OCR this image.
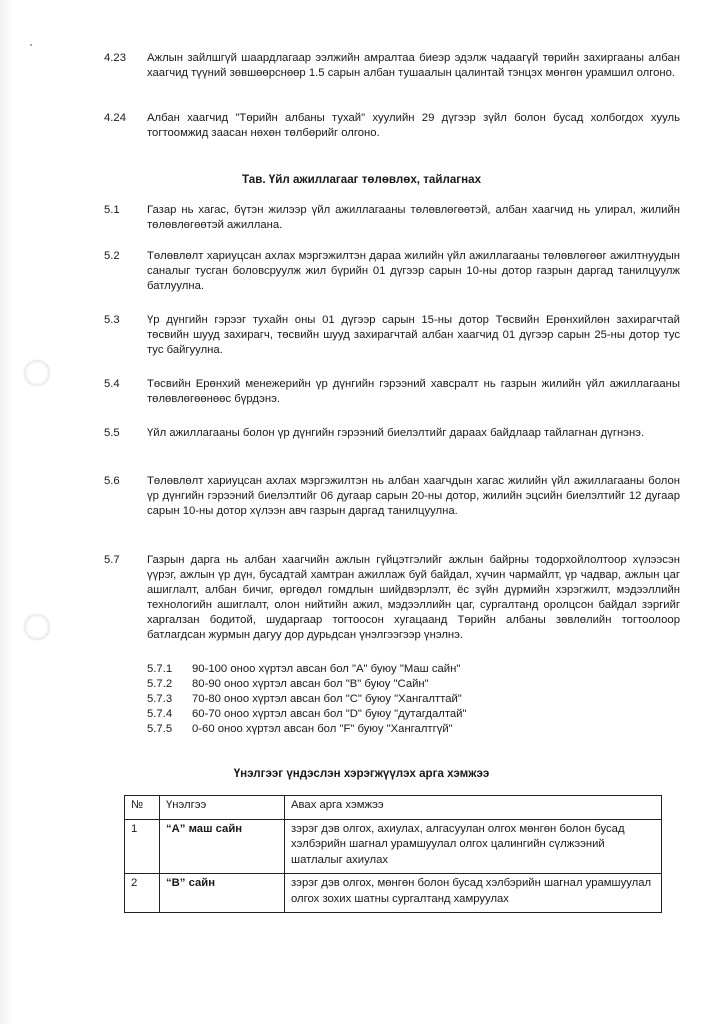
4.23	Ажлын зайлшгүй шаардлагаар ээлжийн амралтаа биеэр эдэлж чадаагүй төрийн захиргааны албан хаагчид түүний зөвшөөрснөөр 1.5 сарын албан тушаалын цалинтай тэнцэх мөнгөн урамшил олгоно.
4.24	Албан хаагчид "Төрийн албаны тухай" хуулийн 29 дүгээр зүйл болон бусад холбогдох хууль тогтоомжид заасан нөхөн төлбөрийг олгоно.
Тав. Үйл ажиллагааг төлөвлөх, тайлагнах
5.1	Газар нь хагас, бүтэн жилээр үйл ажиллагааны төлөвлөгөөтэй, албан хаагчид нь улирал, жилийн төлөвлөгөөтэй ажиллана.
5.2	Төлөвлөлт хариуцсан ахлах мэргэжилтэн дараа жилийн үйл ажиллагааны төлөвлөгөөг ажилтнуудын саналыг тусган боловсруулж жил бүрийн 01 дүгээр сарын 10-ны дотор газрын даргад танилцуулж батлуулна.
5.3	Үр дүнгийн гэрээг тухайн оны 01 дүгээр сарын 15-ны дотор Төсвийн Ерөнхийлөн захирагчтай төсвийн шууд захирагч, төсвийн шууд захирагчтай албан хаагчид 01 дүгээр сарын 25-ны дотор тус тус байгуулна.
5.4	Төсвийн Ерөнхий менежерийн үр дүнгийн гэрээний хавсралт нь газрын жилийн үйл ажиллагааны төлөвлөгөөнөөс бүрдэнэ.
5.5	Үйл ажиллагааны болон үр дүнгийн гэрээний биелэлтийг дараах байдлаар тайлагнан дүгнэнэ.
5.6	Төлөвлөлт хариуцсан ахлах мэргэжилтэн нь албан хаагчдын хагас жилийн үйл ажиллагааны болон үр дүнгийн гэрээний биелэлтийг 06 дугаар сарын 20-ны дотор, жилийн эцсийн биелэлтийг 12 дугаар сарын 10-ны дотор хүлээн авч газрын даргад танилцуулна.
5.7	Газрын дарга нь албан хаагчийн ажлын гүйцэтгэлийг ажлын байрны тодорхойлолтоор хүлээсэн үүрэг, ажлын үр дүн, бусадтай хамтран ажиллаж буй байдал, хүчин чармайлт, үр чадвар, ажлын цаг ашиглалт, албан бичиг, өргөдөл гомдлын шийдвэрлэлт, ёс зүйн дүрмийн хэрэгжилт, мэдээллийн технологийн ашиглалт, олон нийтийн ажил, мэдээллийн цаг, сургалтанд оролцсон байдал зэргийг харгалзан бодитой, шударгаар тогтоосон хугацаанд Төрийн албаны зөвлөлийн тогтоолоор батлагдсан журмын дагуу дор дурьдсан үнэлгээгээр үнэлнэ.
5.7.1 90-100 оноо хүртэл авсан бол "А" буюу "Маш сайн"
5.7.2 80-90 оноо хүртэл авсан бол "В" буюу "Сайн"
5.7.3 70-80 оноо хүртэл авсан бол "С" буюу "Хангалттай"
5.7.4 60-70 оноо хүртэл авсан бол "D" буюу "дутагдалтай"
5.7.5 0-60 оноо хүртэл авсан бол "F" буюу "Хангалтгүй"
Үнэлгээг үндэслэн хэрэгжүүлэх арга хэмжээ
№	Үнэлгээ	Авах арга хэмжээ
1	“А” маш сайн	зэрэг дэв олгох, ахиулах, алгасуулан олгох мөнгөн болон бусад хэлбэрийн шагнал урамшуулал олгох цалингийн сүлжээний шатлалыг ахиулах
2	“В” сайн	зэрэг дэв олгох, мөнгөн болон бусад хэлбэрийн шагнал урамшуулал олгох зохих шатны сургалтанд хамруулах
